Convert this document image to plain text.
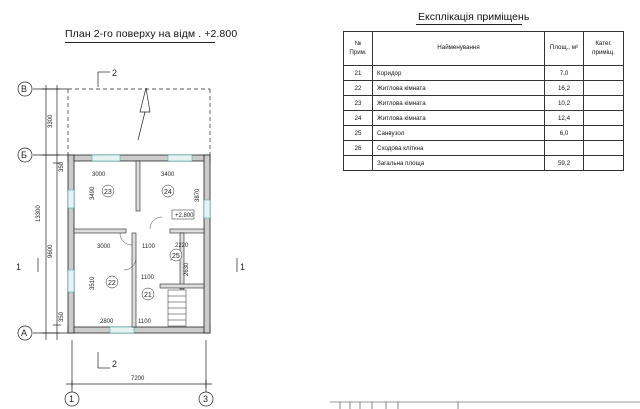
План 2-го поверху на відм . +2.800
Експлікація приміщень
№ Прим.	Найменування	Площ., м²	Катег. приміщ.
21	Коридор	7,0	
22	Житлова кімната	16,2	
23	Житлова кімната	10,2	
24	Житлова кімната	12,4	
25	Санвузол	6,0	
26	Сходова кліткна		
	Загальна площа	59,2	
+2.800
23	24
22
21
25
В
Б
А
1	3
2
2
1	1
3300
350
13300
9600
350
3490	3870
2630
3510
3000	3400
3000	1100	2220
1100
2800	1100
7200
